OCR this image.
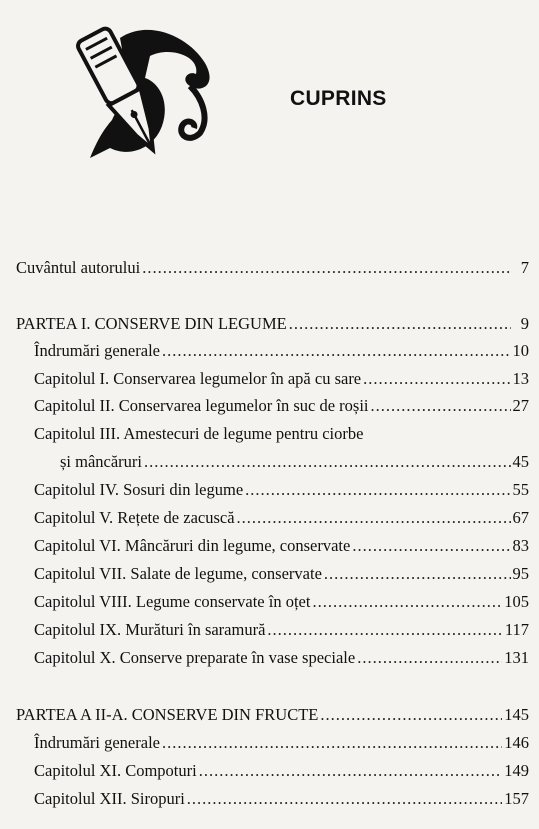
CUPRINS
Cuvântul autorului .....	7
PARTEA I. CONSERVE DIN LEGUME .....	9
Îndrumări generale .....	10
Capitolul I. Conservarea legumelor în apă cu sare .....	13
Capitolul II. Conservarea legumelor în suc de roșii .....	27
Capitolul III. Amestecuri de legume pentru ciorbe
și mâncăruri .....	45
Capitolul IV. Sosuri din legume .....	55
Capitolul V. Rețete de zacuscă .....	67
Capitolul VI. Mâncăruri din legume, conservate .....	83
Capitolul VII. Salate de legume, conservate .....	95
Capitolul VIII. Legume conservate în oțet .....	105
Capitolul IX. Murături în saramură .....	117
Capitolul X. Conserve preparate în vase speciale .....	131
PARTEA A II-A. CONSERVE DIN FRUCTE .....	145
Îndrumări generale .....	146
Capitolul XI. Compoturi .....	149
Capitolul XII. Siropuri .....	157
